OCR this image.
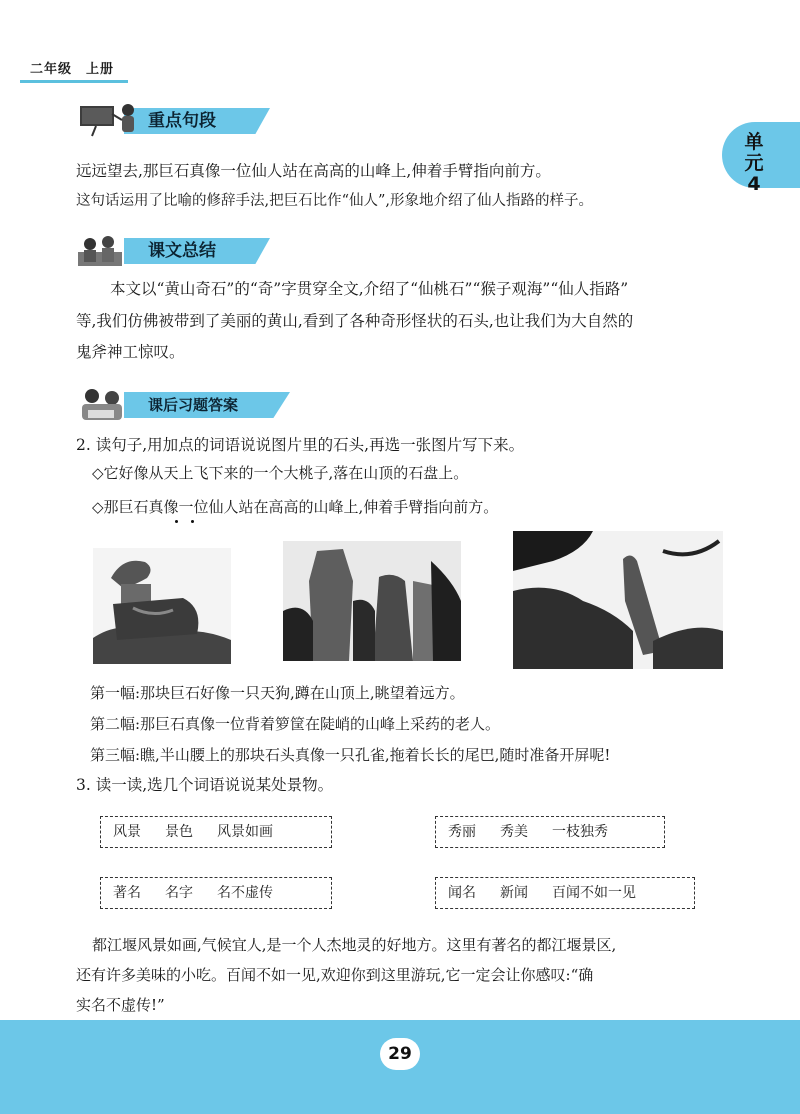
二年级　上册
单元
4
重点句段
远远望去,那巨石真像一位仙人站在高高的山峰上,伸着手臂指向前方。
这句话运用了比喻的修辞手法,把巨石比作“仙人”,形象地介绍了仙人指路的样子。
课文总结
本文以“黄山奇石”的“奇”字贯穿全文,介绍了“仙桃石”“猴子观海”“仙人指路”
等,我们仿佛被带到了美丽的黄山,看到了各种奇形怪状的石头,也让我们为大自然的
鬼斧神工惊叹。
课后习题答案
2. 读句子,用加点的词语说说图片里的石头,再选一张图片写下来。
◇它好像从天上飞下来的一个大桃子,落在山顶的石盘上。
◇那巨石真像一位仙人站在高高的山峰上,伸着手臂指向前方。
第一幅:那块巨石好像一只天狗,蹲在山顶上,眺望着远方。
第二幅:那巨石真像一位背着箩筐在陡峭的山峰上采药的老人。
第三幅:瞧,半山腰上的那块石头真像一只孔雀,拖着长长的尾巴,随时准备开屏呢!
3. 读一读,选几个词语说说某处景物。
风景 景色 风景如画	秀丽 秀美 一枝独秀
著名 名字 名不虚传	闻名 新闻 百闻不如一见
都江堰风景如画,气候宜人,是一个人杰地灵的好地方。这里有著名的都江堰景区,
还有许多美味的小吃。百闻不如一见,欢迎你到这里游玩,它一定会让你感叹:“确
实名不虚传!”
29
